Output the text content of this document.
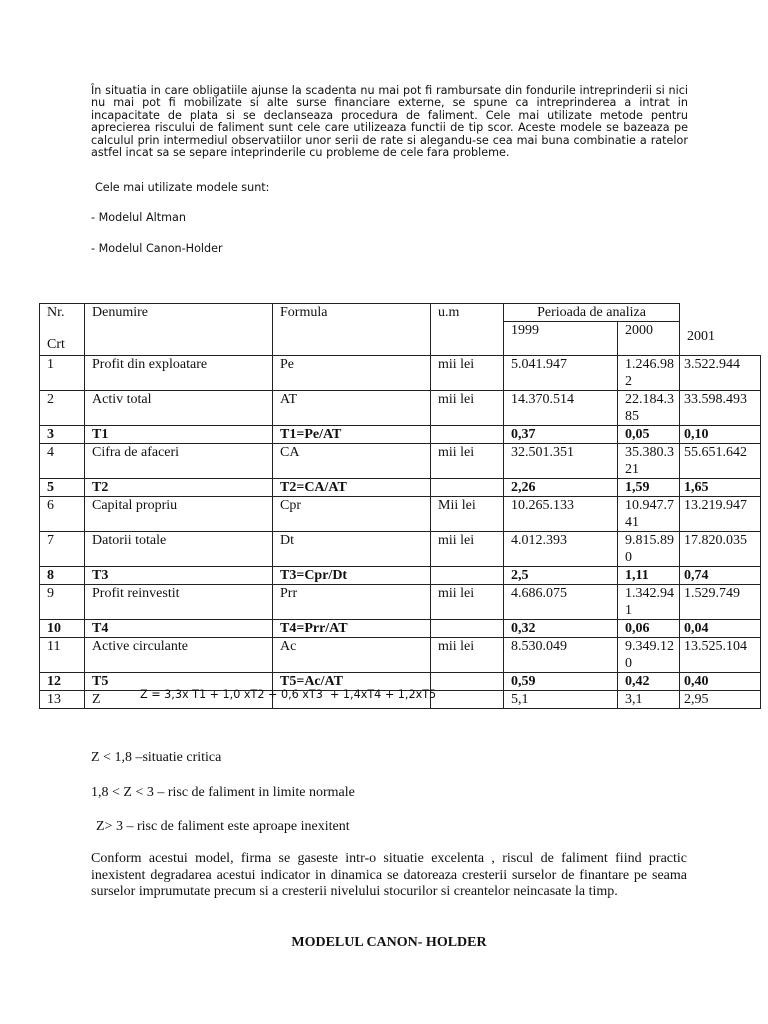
În situatia in care obligatiile ajunse la scadenta nu mai pot fi rambursate din fondurile intreprinderii si nici nu mai pot fi mobilizate si alte surse financiare externe, se spune ca intreprinderea a intrat in incapacitate de plata si se declanseaza procedura de faliment. Cele mai utilizate metode pentru aprecierea riscului de faliment sunt cele care utilizeaza functii de tip scor. Aceste modele se bazeaza pe calculul prin intermediul observatiilor unor serii de rate si alegandu-se cea mai buna combinatie a ratelor astfel incat sa se separe inteprinderile cu probleme de cele fara probleme.

Cele mai utilizate modele sunt:

- Modelul Altman

- Modelul Canon-Holder

Nr.
Crt	Denumire	Formula	u.m	Perioada de analiza		
				1999	2000	2001
1	Profit din exploatare	Pe	mii lei	5.041.947	1.246.982	3.522.944
2	Activ total	AT	mii lei	14.370.514	22.184.385	33.598.493
3	T1	T1=Pe/AT		0,37	0,05	0,10
4	Cifra de afaceri	CA	mii lei	32.501.351	35.380.321	55.651.642
5	T2	T2=CA/AT		2,26	1,59	1,65
6	Capital propriu	Cpr	Mii lei	10.265.133	10.947.741	13.219.947
7	Datorii totale	Dt	mii lei	4.012.393	9.815.890	17.820.035
8	T3	T3=Cpr/Dt		2,5	1,11	0,74
9	Profit reinvestit	Prr	mii lei	4.686.075	1.342.941	1.529.749
10	T4	T4=Prr/AT		0,32	0,06	0,04
11	Active circulante	Ac	mii lei	8.530.049	9.349.120	13.525.104
12	T5	T5=Ac/AT		0,59	0,42	0,40
13	Z			5,1	3,1	2,95

Z = 3,3x T1 + 1,0 xT2 + 0,6 xT3  + 1,4xT4 + 1,2xT5

Z < 1,8 –situatie critica

1,8 < Z < 3 – risc de faliment in limite normale

Z> 3 – risc de faliment este aproape inexitent

Conform acestui model, firma se gaseste intr-o situatie excelenta , riscul de faliment fiind practic inexistent degradarea acestui indicator in dinamica se datoreaza cresterii surselor de finantare pe seama surselor imprumutate precum si a cresterii nivelului stocurilor si creantelor neincasate la timp.

MODELUL CANON- HOLDER
